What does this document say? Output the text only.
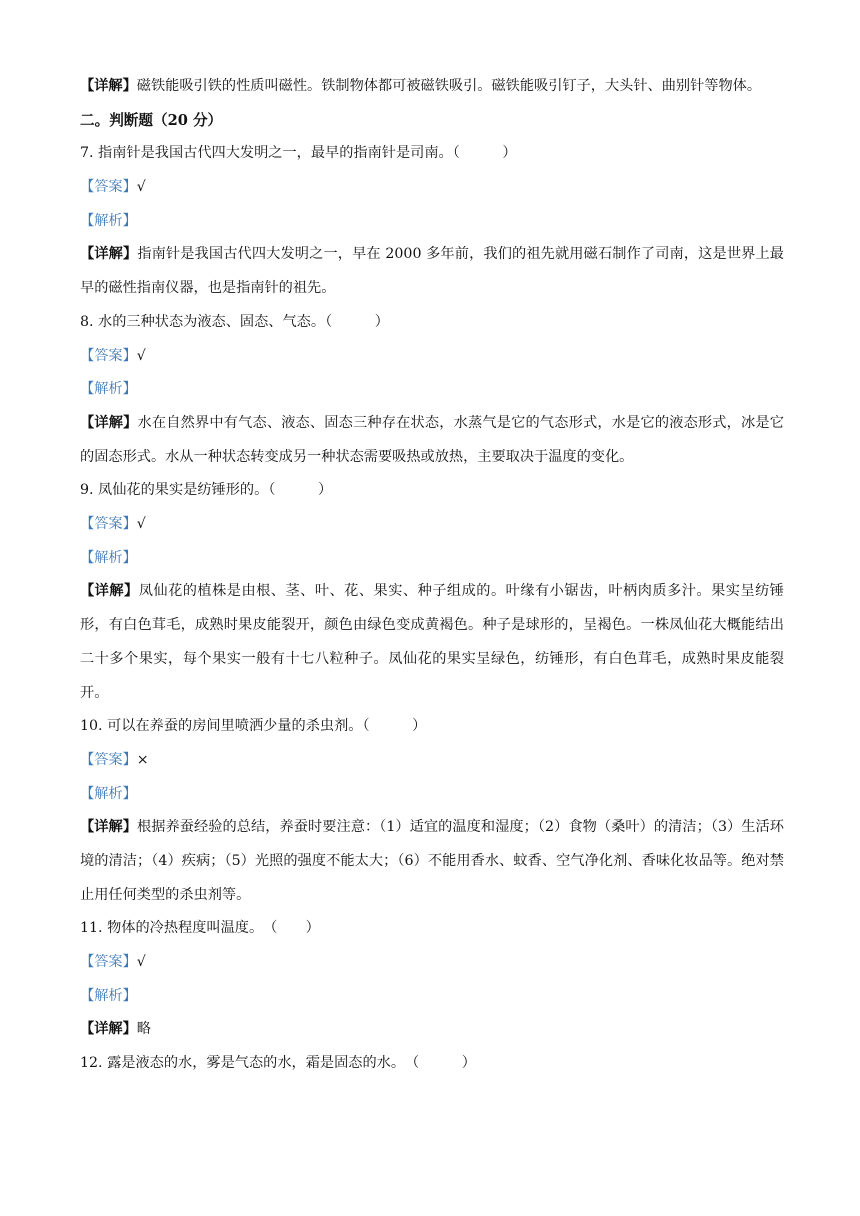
【详解】磁铁能吸引铁的性质叫磁性。铁制物体都可被磁铁吸引。磁铁能吸引钉子，大头针、曲别针等物体。
二。判断题（20 分）
7. 指南针是我国古代四大发明之一，最早的指南针是司南。（　　　）
【答案】√
【解析】
【详解】指南针是我国古代四大发明之一，早在 2000 多年前，我们的祖先就用磁石制作了司南，这是世界上最早的磁性指南仪器，也是指南针的祖先。
8. 水的三种状态为液态、固态、气态。（　　　）
【答案】√
【解析】
【详解】水在自然界中有气态、液态、固态三种存在状态，水蒸气是它的气态形式，水是它的液态形式，冰是它的固态形式。水从一种状态转变成另一种状态需要吸热或放热，主要取决于温度的变化。
9. 凤仙花的果实是纺锤形的。（　　　）
【答案】√
【解析】
【详解】凤仙花的植株是由根、茎、叶、花、果实、种子组成的。叶缘有小锯齿，叶柄肉质多汁。果实呈纺锤形，有白色茸毛，成熟时果皮能裂开，颜色由绿色变成黄褐色。种子是球形的，呈褐色。一株凤仙花大概能结出二十多个果实，每个果实一般有十七八粒种子。凤仙花的果实呈绿色，纺锤形，有白色茸毛，成熟时果皮能裂开。
10. 可以在养蚕的房间里喷洒少量的杀虫剂。（　　　）
【答案】×
【解析】
【详解】根据养蚕经验的总结，养蚕时要注意：（1）适宜的温度和湿度；（2）食物（桑叶）的清洁；（3）生活环境的清洁；（4）疾病；（5）光照的强度不能太大；（6）不能用香水、蚊香、空气净化剂、香味化妆品等。绝对禁止用任何类型的杀虫剂等。
11. 物体的冷热程度叫温度。　（　　）
【答案】√
【解析】
【详解】略
12. 露是液态的水，雾是气态的水，霜是固态的水。　（　　　）
